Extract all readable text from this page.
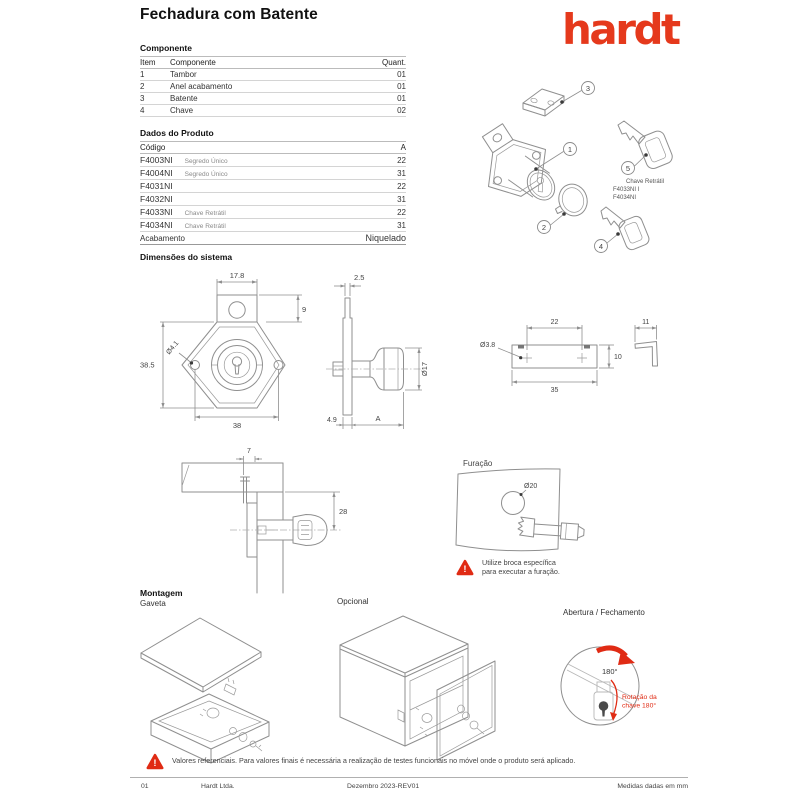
Fechadura com Batente	hardt
Componente
Item	Componente	Quant.
1	Tambor	01
2	Anel acabamento	01
3	Batente	01
4	Chave	02
Dados do Produto
Código	A
F4003NI Segredo Único	22
F4004NI Segredo Único	31
F4031NI	22
F4032NI	31
F4033NI Chave Retrátil	22
F4034NI Chave Retrátil	31
Acabamento	Niquelado
3
1
2
5
Chave Retrátil
F4033NI I
F4034NI
4
Dimensões do sistema
17.8
9
Ø4.1
38.5
38
2.5
Ø17
4.9	A
22
Ø3.8
10
35
11
7
28
Furação
Ø20
!
Utilize broca específica
para executar a furação.
Montagem
Gaveta	Opcional
Abertura / Fechamento
180°
Rotação da
chave 180°
! Valores referenciais. Para valores finais é necessária a realização de testes funcionais no móvel onde o produto será aplicado.
01	Hardt Ltda.	Dezembro 2023-REV01	Medidas dadas em mm
